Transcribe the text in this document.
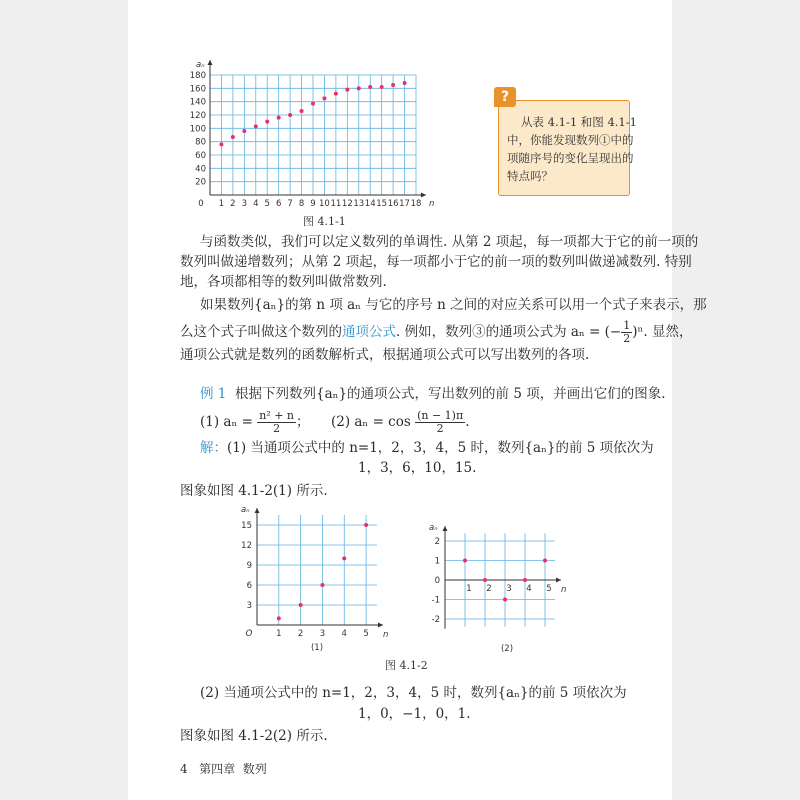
1 2 3 4 5 6 7 8 9 10 11 12 13 14 15 16 17 18
20
40
60
80
100
120
140
160
180
0	n
aₙ
图 4.1-1
?
从表 4.1-1 和图 4.1-1
中，你能发现数列①中的
项随序号的变化呈现出的
特点吗？
与函数类似，我们可以定义数列的单调性. 从第 2 项起，每一项都大于它的前一项的
数列叫做递增数列；从第 2 项起，每一项都小于它的前一项的数列叫做递减数列. 特别
地，各项都相等的数列叫做常数列.
如果数列{aₙ}的第 n 项 aₙ 与它的序号 n 之间的对应关系可以用一个式子来表示，那
么这个式子叫做这个数列的通项公式. 例如，数列③的通项公式为 aₙ = (− $\frac{1}{2} )^n$. 显然，
通项公式就是数列的函数解析式，根据通项公式可以写出数列的各项.
例 1 根据下列数列{aₙ}的通项公式，写出数列的前 5 项，并画出它们的图象.
(1) $a_n = \frac{\text{n² + n}}{2}$ ； (2) $a_n = \cos \frac{(n - 1)\pi}{2}$ .
解：(1) 当通项公式中的 n=1，2，3，4，5 时，数列{aₙ}的前 5 项依次为
1，3，6，10，15.
图象如图 4.1-2(1) 所示.
1 2 3 4 5
3
6
9
12
15
O	n
aₙ
(1)
1 2 3 4 5
2
1
0
-1
-2
n
aₙ
(2)
图 4.1-2
(2) 当通项公式中的 n=1，2，3，4，5 时，数列{aₙ}的前 5 项依次为
1，0，−1，0，1.
图象如图 4.1-2(2) 所示.
4 第四章 数列
